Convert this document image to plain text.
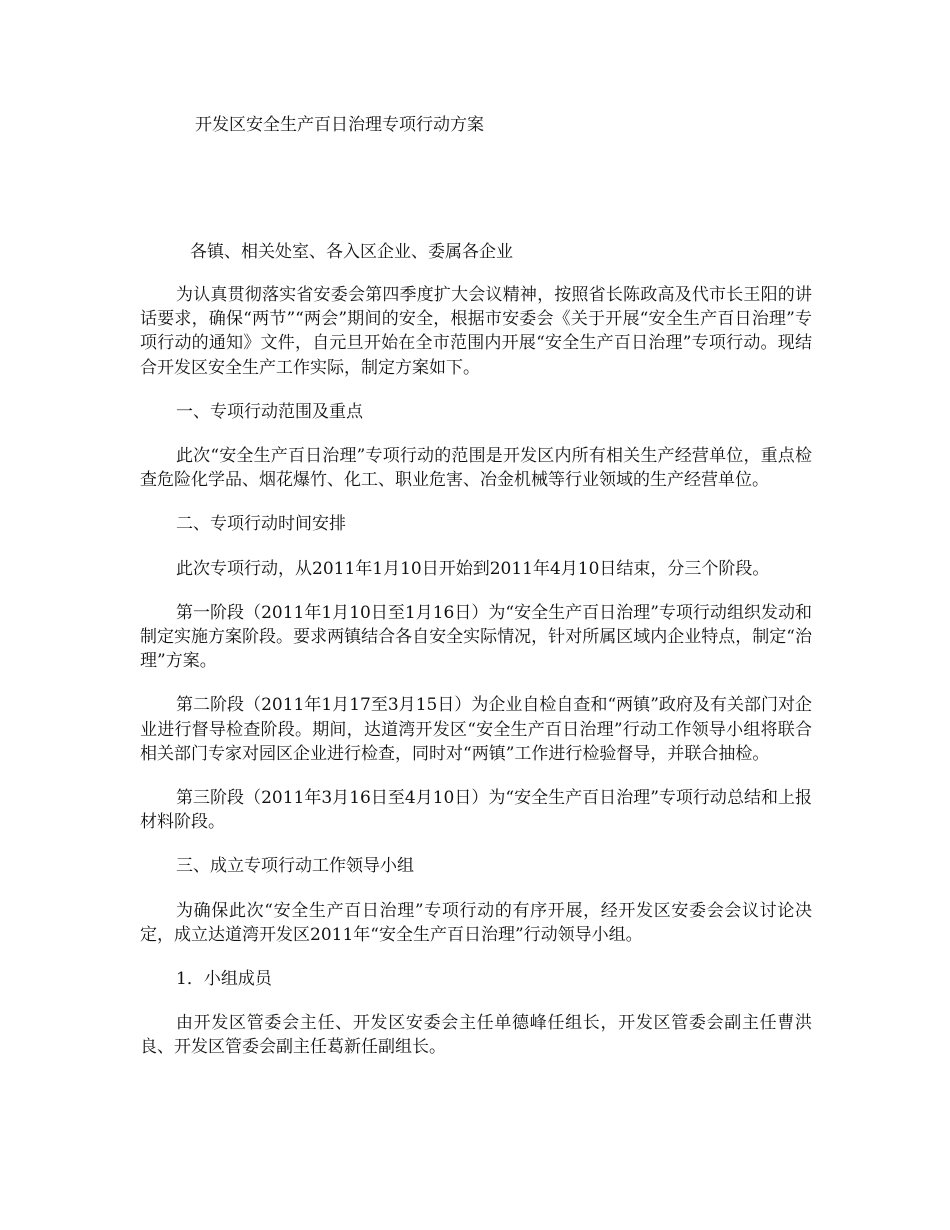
开发区安全生产百日治理专项行动方案
各镇、相关处室、各入区企业、委属各企业

为认真贯彻落实省安委会第四季度扩大会议精神，按照省长陈政高及代市长王阳的讲话要求，确保“两节”“两会”期间的安全，根据市安委会《关于开展“安全生产百日治理”专项行动的通知》文件，自元旦开始在全市范围内开展“安全生产百日治理”专项行动。现结合开发区安全生产工作实际，制定方案如下。

一、专项行动范围及重点

此次“安全生产百日治理”专项行动的范围是开发区内所有相关生产经营单位，重点检查危险化学品、烟花爆竹、化工、职业危害、冶金机械等行业领域的生产经营单位。

二、专项行动时间安排

此次专项行动，从2011年1月10日开始到2011年4月10日结束，分三个阶段。

第一阶段（2011年1月10日至1月16日）为“安全生产百日治理”专项行动组织发动和制定实施方案阶段。要求两镇结合各自安全实际情况，针对所属区域内企业特点，制定“治理”方案。

第二阶段（2011年1月17至3月15日）为企业自检自查和“两镇”政府及有关部门对企业进行督导检查阶段。期间，达道湾开发区“安全生产百日治理”行动工作领导小组将联合相关部门专家对园区企业进行检查，同时对“两镇”工作进行检验督导，并联合抽检。

第三阶段（2011年3月16日至4月10日）为“安全生产百日治理”专项行动总结和上报材料阶段。

三、成立专项行动工作领导小组

为确保此次“安全生产百日治理”专项行动的有序开展，经开发区安委会会议讨论决定，成立达道湾开发区2011年“安全生产百日治理”行动领导小组。

1．小组成员

由开发区管委会主任、开发区安委会主任单德峰任组长，开发区管委会副主任曹洪良、开发区管委会副主任葛新任副组长。
